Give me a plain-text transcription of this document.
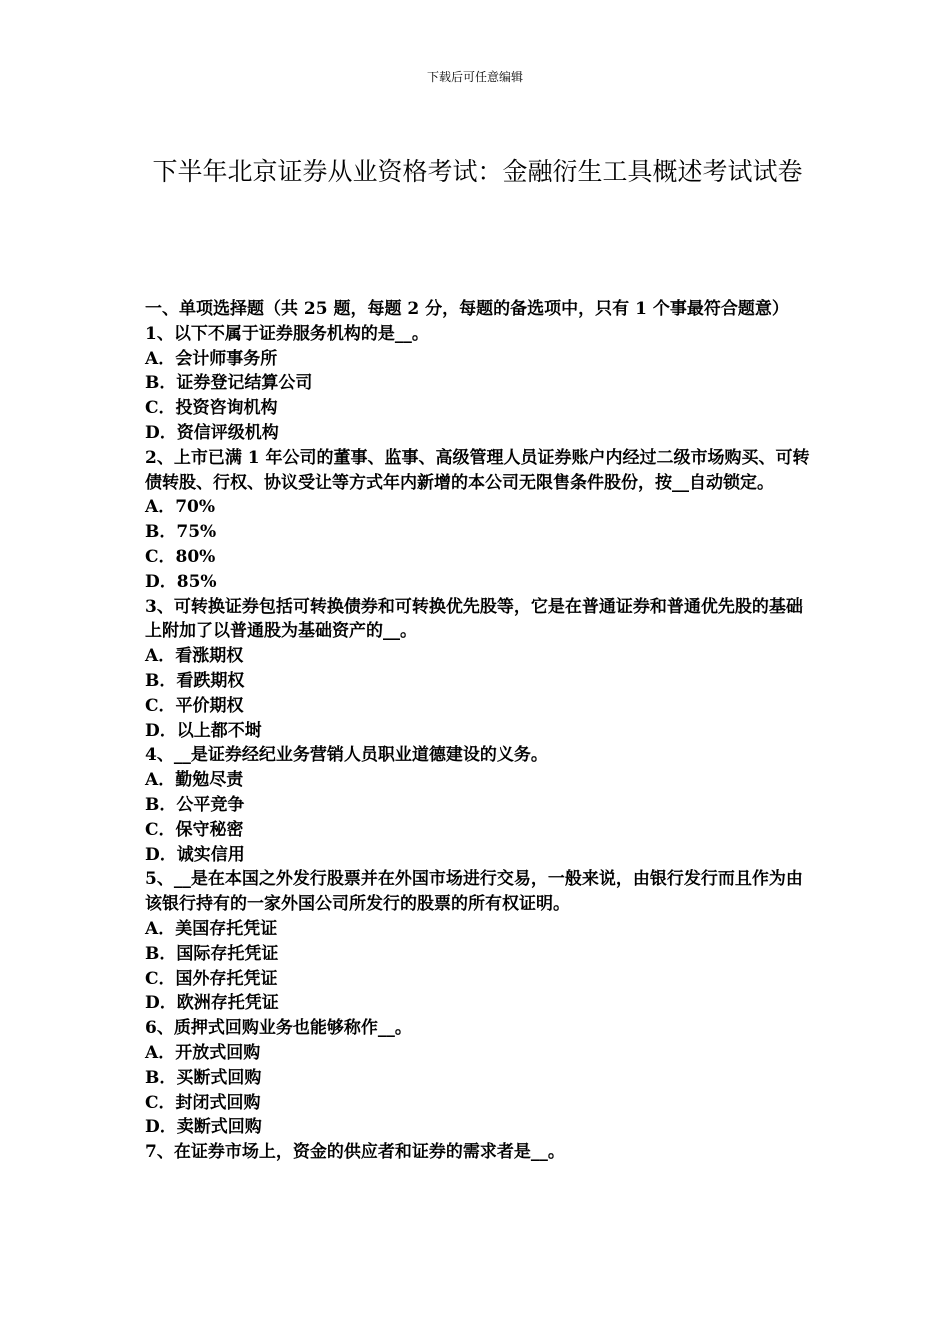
下载后可任意编辑
下半年北京证券从业资格考试：金融衍生工具概述考试试卷
一、单项选择题（共 25 题，每题 2 分，每题的备选项中，只有 1 个事最符合题意）
1、以下不属于证券服务机构的是__。
A．会计师事务所
B．证券登记结算公司
C．投资咨询机构
D．资信评级机构
2、上市已满 1 年公司的董事、监事、高级管理人员证券账户内经过二级市场购买、可转债转股、行权、协议受让等方式年内新增的本公司无限售条件股份，按__自动锁定。
A．70%
B．75%
C．80%
D．85%
3、可转换证券包括可转换债券和可转换优先股等，它是在普通证券和普通优先股的基础上附加了以普通股为基础资产的__。
A．看涨期权
B．看跌期权
C．平价期权
D．以上都不埘
4、__是证券经纪业务营销人员职业道德建设的义务。
A．勤勉尽责
B．公平竞争
C．保守秘密
D．诚实信用
5、__是在本国之外发行股票并在外国市场进行交易，一般来说，由银行发行而且作为由该银行持有的一家外国公司所发行的股票的所有权证明。
A．美国存托凭证
B．国际存托凭证
C．国外存托凭证
D．欧洲存托凭证
6、质押式回购业务也能够称作__。
A．开放式回购
B．买断式回购
C．封闭式回购
D．卖断式回购
7、在证券市场上，资金的供应者和证券的需求者是__。
